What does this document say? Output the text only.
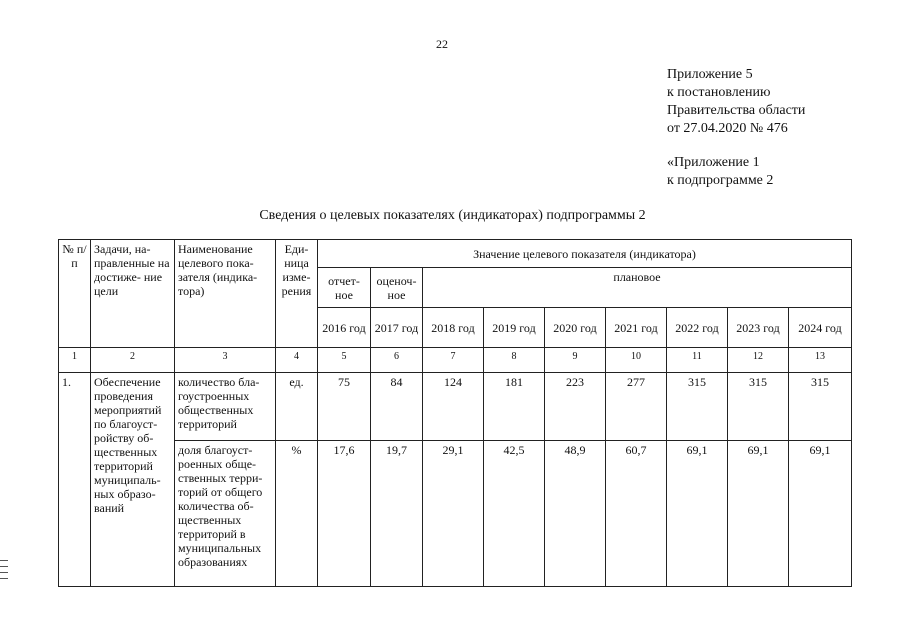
22
Приложение 5
к постановлению
Правительства области
от 27.04.2020 № 476
«Приложение 1
к подпрограмме 2
Сведения о целевых показателях (индикаторах) подпрограммы 2
№ п/п	Задачи, на- правленные на достиже- ние цели	Наименование целевого пока- зателя (индика- тора)	Еди- ница изме- рения	Значение целевого показателя (индикатора)								
				отчет- ное	оценоч- ное	плановое						
				2016 год	2017 год	2018 год	2019 год	2020 год	2021 год	2022 год	2023 год	2024 год
1	2	3	4	5	6	7	8	9	10	11	12	13
1.	Обеспечение проведения мероприятий по благоуст- ройству об- щественных территорий муниципаль- ных образо- ваний	количество бла- гоустроенных общественных территорий	ед.	75	84	124	181	223	277	315	315	315
		доля благоуст- роенных обще- ственных терри- торий от общего количества об- щественных территорий в муниципальных образованиях	%	17,6	19,7	29,1	42,5	48,9	60,7	69,1	69,1	69,1
